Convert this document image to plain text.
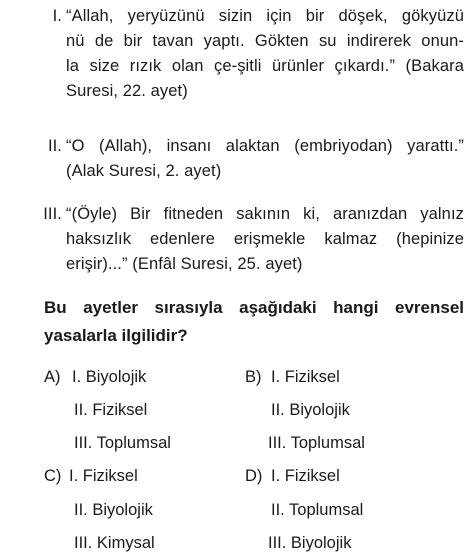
I. “Allah, yeryüzünü sizin için bir döşek, gökyüzü
nü de bir tavan yaptı. Gökten su indirerek onun-
la size rızık olan çe-şitli ürünler çıkardı.” (Bakara
Suresi, 22. ayet)
II. “O (Allah), insanı alaktan (embriyodan) yarattı.”
(Alak Suresi, 2. ayet)
III. “(Öyle) Bir fitneden sakının ki, aranızdan yalnız
haksızlık edenlere erişmekle kalmaz (hepinize
erişir)...” (Enfâl Suresi, 25. ayet)
Bu ayetler sırasıyla aşağıdaki hangi evrensel
yasalarla ilgilidir?
A) I. Biyolojik
II. Fiziksel
III. Toplumsal
B) I. Fiziksel
II. Biyolojik
III. Toplumsal
C) I. Fiziksel
II. Biyolojik
III. Kimysal
D) I. Fiziksel
II. Toplumsal
III. Biyolojik
